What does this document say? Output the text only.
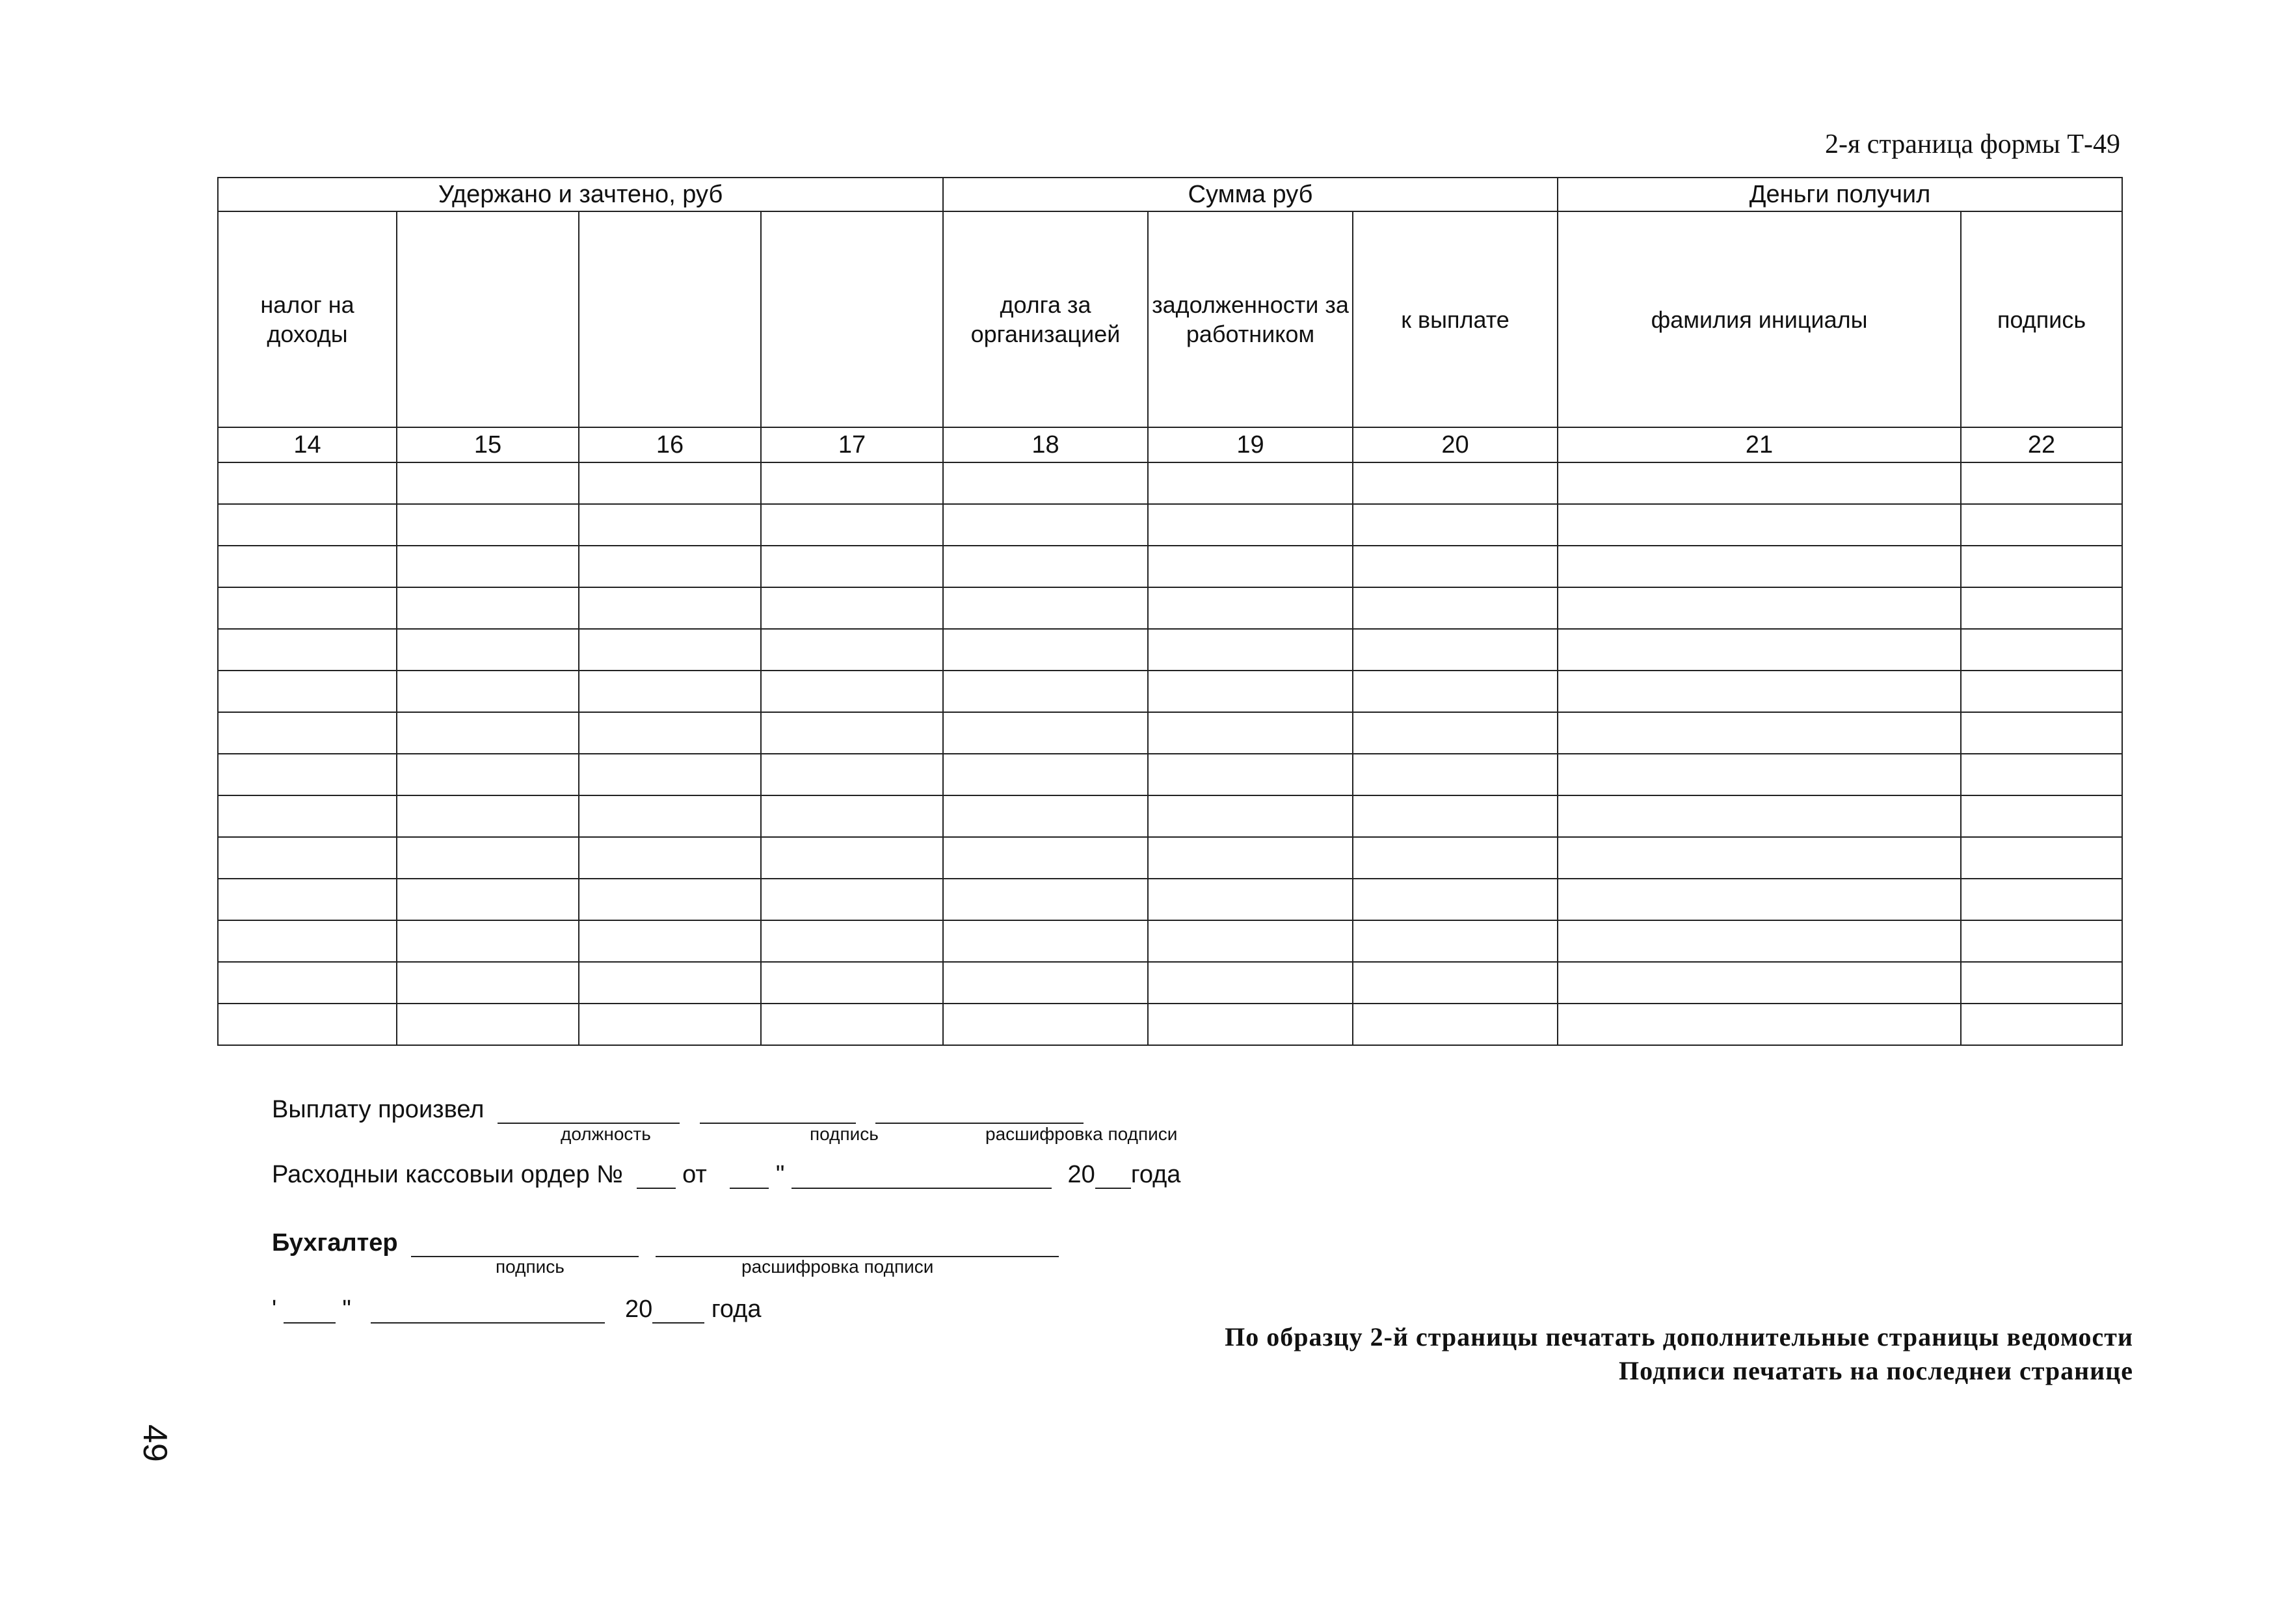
2-я страница формы Т-49
Удержано и зачтено, руб				Сумма руб			Деньги получил	
налог на доходы				долга за организацией	задолженности за работником	к выплате	фамилия инициалы	подпись
14	15	16	17	18	19	20	21	22

Выплату произвел
должность	подпись	расшифровка подписи
Расходныи кассовыи ордер № от	"	20 года
Бухгалтер
подпись	расшифровка подписи
'	"	20 года
По образцу 2-й страницы печатать дополнительные страницы ведомости
Подписи печатать на последнеи странице
49
